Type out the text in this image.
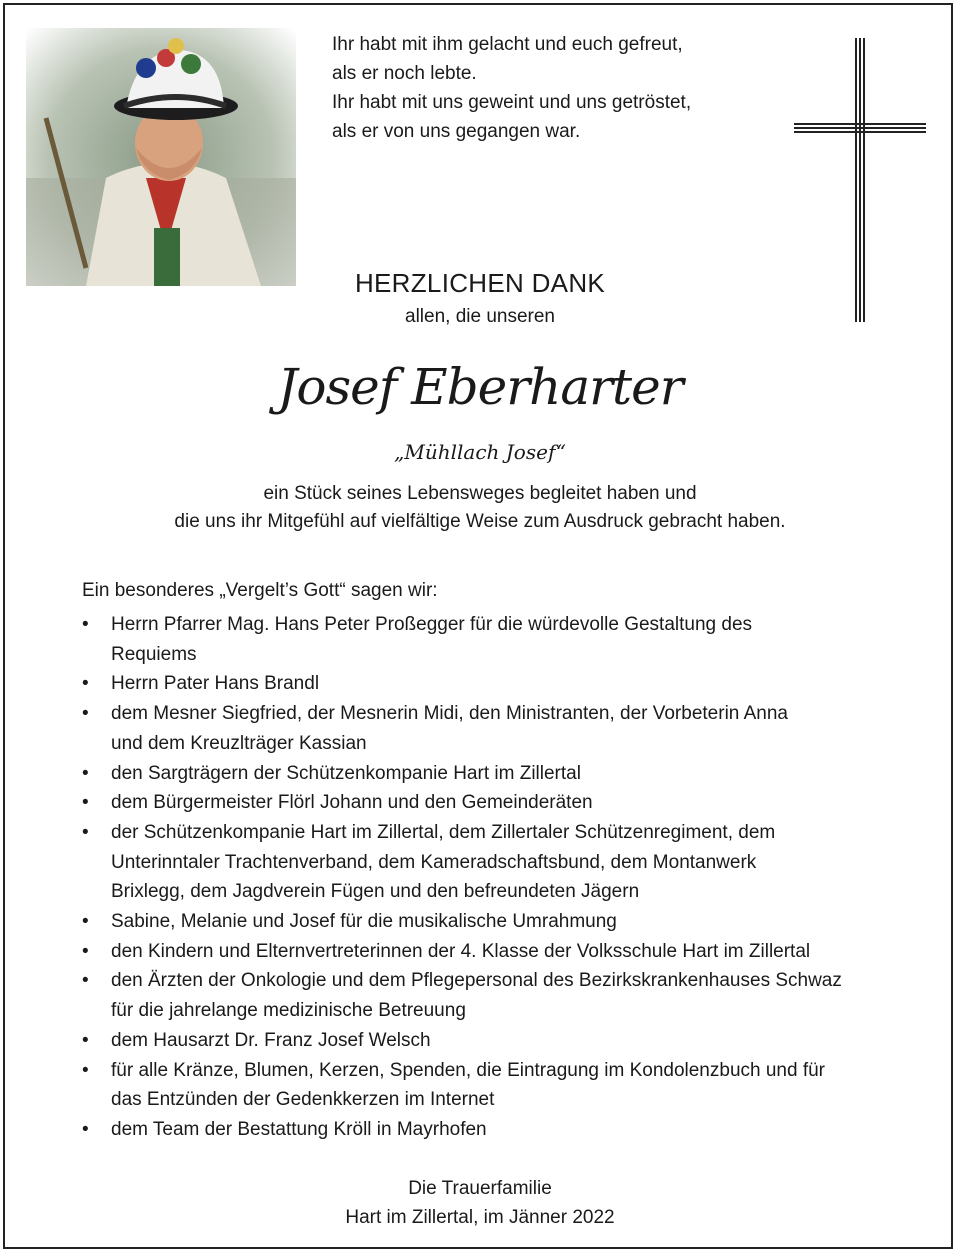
Ihr habt mit ihm gelacht und euch gefreut,
als er noch lebte.
Ihr habt mit uns geweint und uns getröstet,
als er von uns gegangen war.
HERZLICHEN DANK
allen, die unseren
Josef Eberharter
„Mühllach Josef“
ein Stück seines Lebensweges begleitet haben und
die uns ihr Mitgefühl auf vielfältige Weise zum Ausdruck gebracht haben.
Ein besonderes „Vergelt’s Gott“ sagen wir:
• Herrn Pfarrer Mag. Hans Peter Proßegger für die würdevolle Gestaltung des
Requiems
• Herrn Pater Hans Brandl
• dem Mesner Siegfried, der Mesnerin Midi, den Ministranten, der Vorbeterin Anna
und dem Kreuzlträger Kassian
• den Sargträgern der Schützenkompanie Hart im Zillertal
• dem Bürgermeister Flörl Johann und den Gemeinderäten
• der Schützenkompanie Hart im Zillertal, dem Zillertaler Schützenregiment, dem
Unterinntaler Trachtenverband, dem Kameradschaftsbund, dem Montanwerk
Brixlegg, dem Jagdverein Fügen und den befreundeten Jägern
• Sabine, Melanie und Josef für die musikalische Umrahmung
• den Kindern und Elternvertreterinnen der 4. Klasse der Volksschule Hart im Zillertal
• den Ärzten der Onkologie und dem Pflegepersonal des Bezirkskrankenhauses Schwaz
für die jahrelange medizinische Betreuung
• dem Hausarzt Dr. Franz Josef Welsch
• für alle Kränze, Blumen, Kerzen, Spenden, die Eintragung im Kondolenzbuch und für
das Entzünden der Gedenkkerzen im Internet
• dem Team der Bestattung Kröll in Mayrhofen
Die Trauerfamilie
Hart im Zillertal, im Jänner 2022
